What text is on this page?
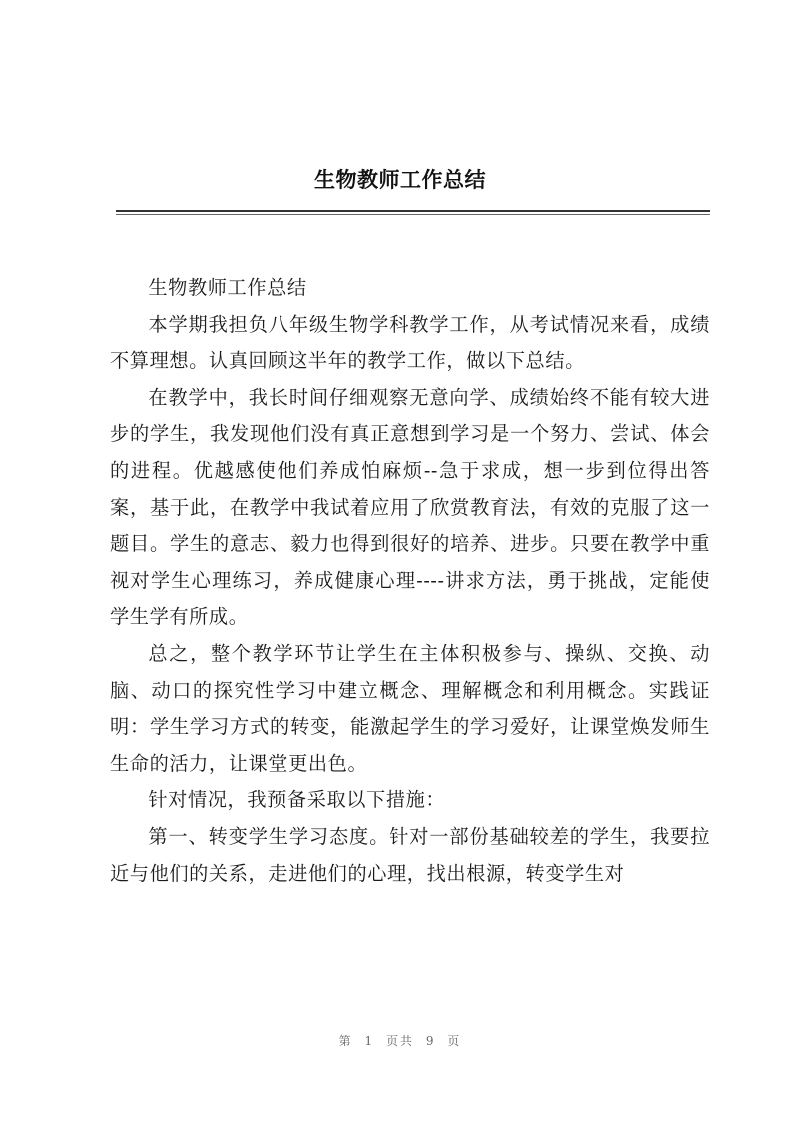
生物教师工作总结

生物教师工作总结

本学期我担负八年级生物学科教学工作，从考试情况来看，成绩不算理想。认真回顾这半年的教学工作，做以下总结。

在教学中，我长时间仔细观察无意向学、成绩始终不能有较大进步的学生，我发现他们没有真正意想到学习是一个努力、尝试、体会的进程。优越感使他们养成怕麻烦--急于求成，想一步到位得出答案，基于此，在教学中我试着应用了欣赏教育法，有效的克服了这一题目。学生的意志、毅力也得到很好的培养、进步。只要在教学中重视对学生心理练习，养成健康心理----讲求方法，勇于挑战，定能使学生学有所成。

总之，整个教学环节让学生在主体积极参与、操纵、交换、动脑、动口的探究性学习中建立概念、理解概念和利用概念。实践证明：学生学习方式的转变，能激起学生的学习爱好，让课堂焕发师生生命的活力，让课堂更出色。

针对情况，我预备采取以下措施：

第一、转变学生学习态度。针对一部份基础较差的学生，我要拉近与他们的关系，走进他们的心理，找出根源，转变学生对

第 1 页共 9 页
